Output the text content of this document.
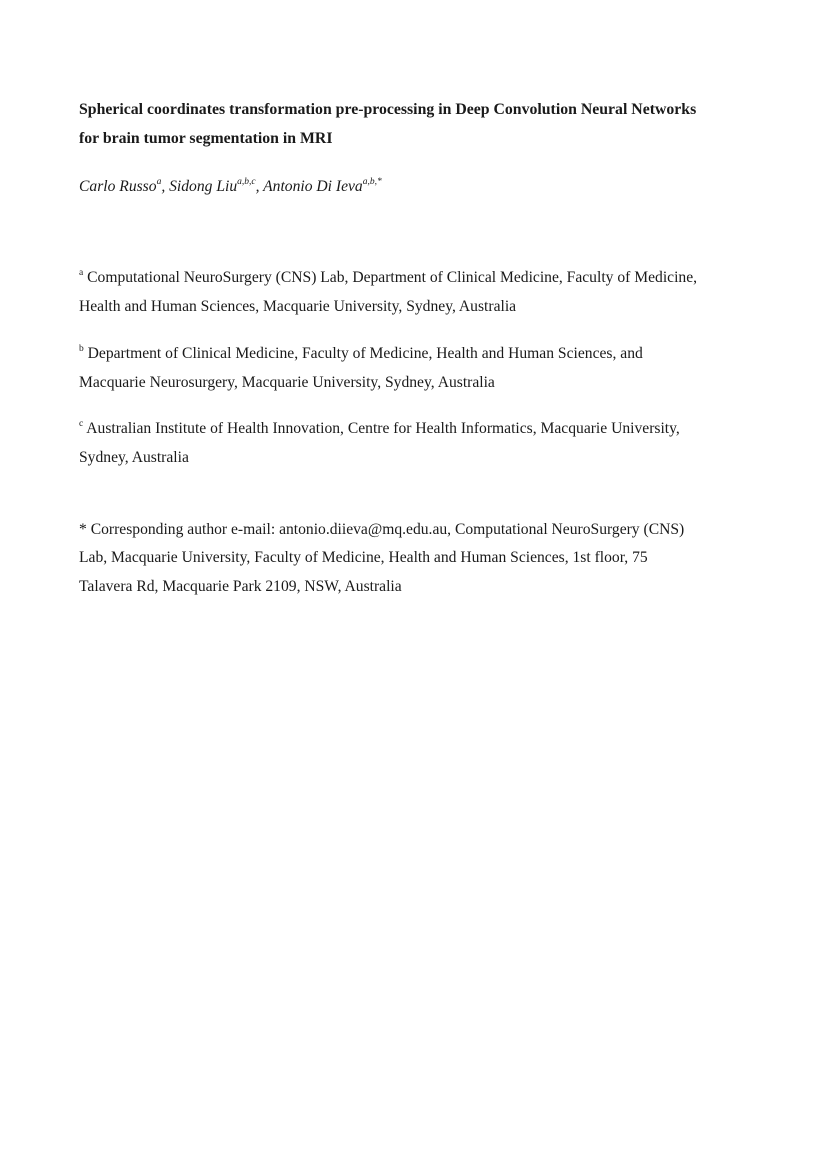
Spherical coordinates transformation pre-processing in Deep Convolution Neural Networks
for brain tumor segmentation in MRI
Carlo Russo$^a$, Sidong Liu$^{a,b,c}$, Antonio Di Ieva$^{a,b,*}$

$^a$ Computational NeuroSurgery (CNS) Lab, Department of Clinical Medicine, Faculty of Medicine,
Health and Human Sciences, Macquarie University, Sydney, Australia

$^b$ Department of Clinical Medicine, Faculty of Medicine, Health and Human Sciences, and
Macquarie Neurosurgery, Macquarie University, Sydney, Australia

$^c$ Australian Institute of Health Innovation, Centre for Health Informatics, Macquarie University,
Sydney, Australia

* Corresponding author e-mail: antonio.diieva@mq.edu.au, Computational NeuroSurgery (CNS)
Lab, Macquarie University, Faculty of Medicine, Health and Human Sciences, 1st floor, 75
Talavera Rd, Macquarie Park 2109, NSW, Australia
